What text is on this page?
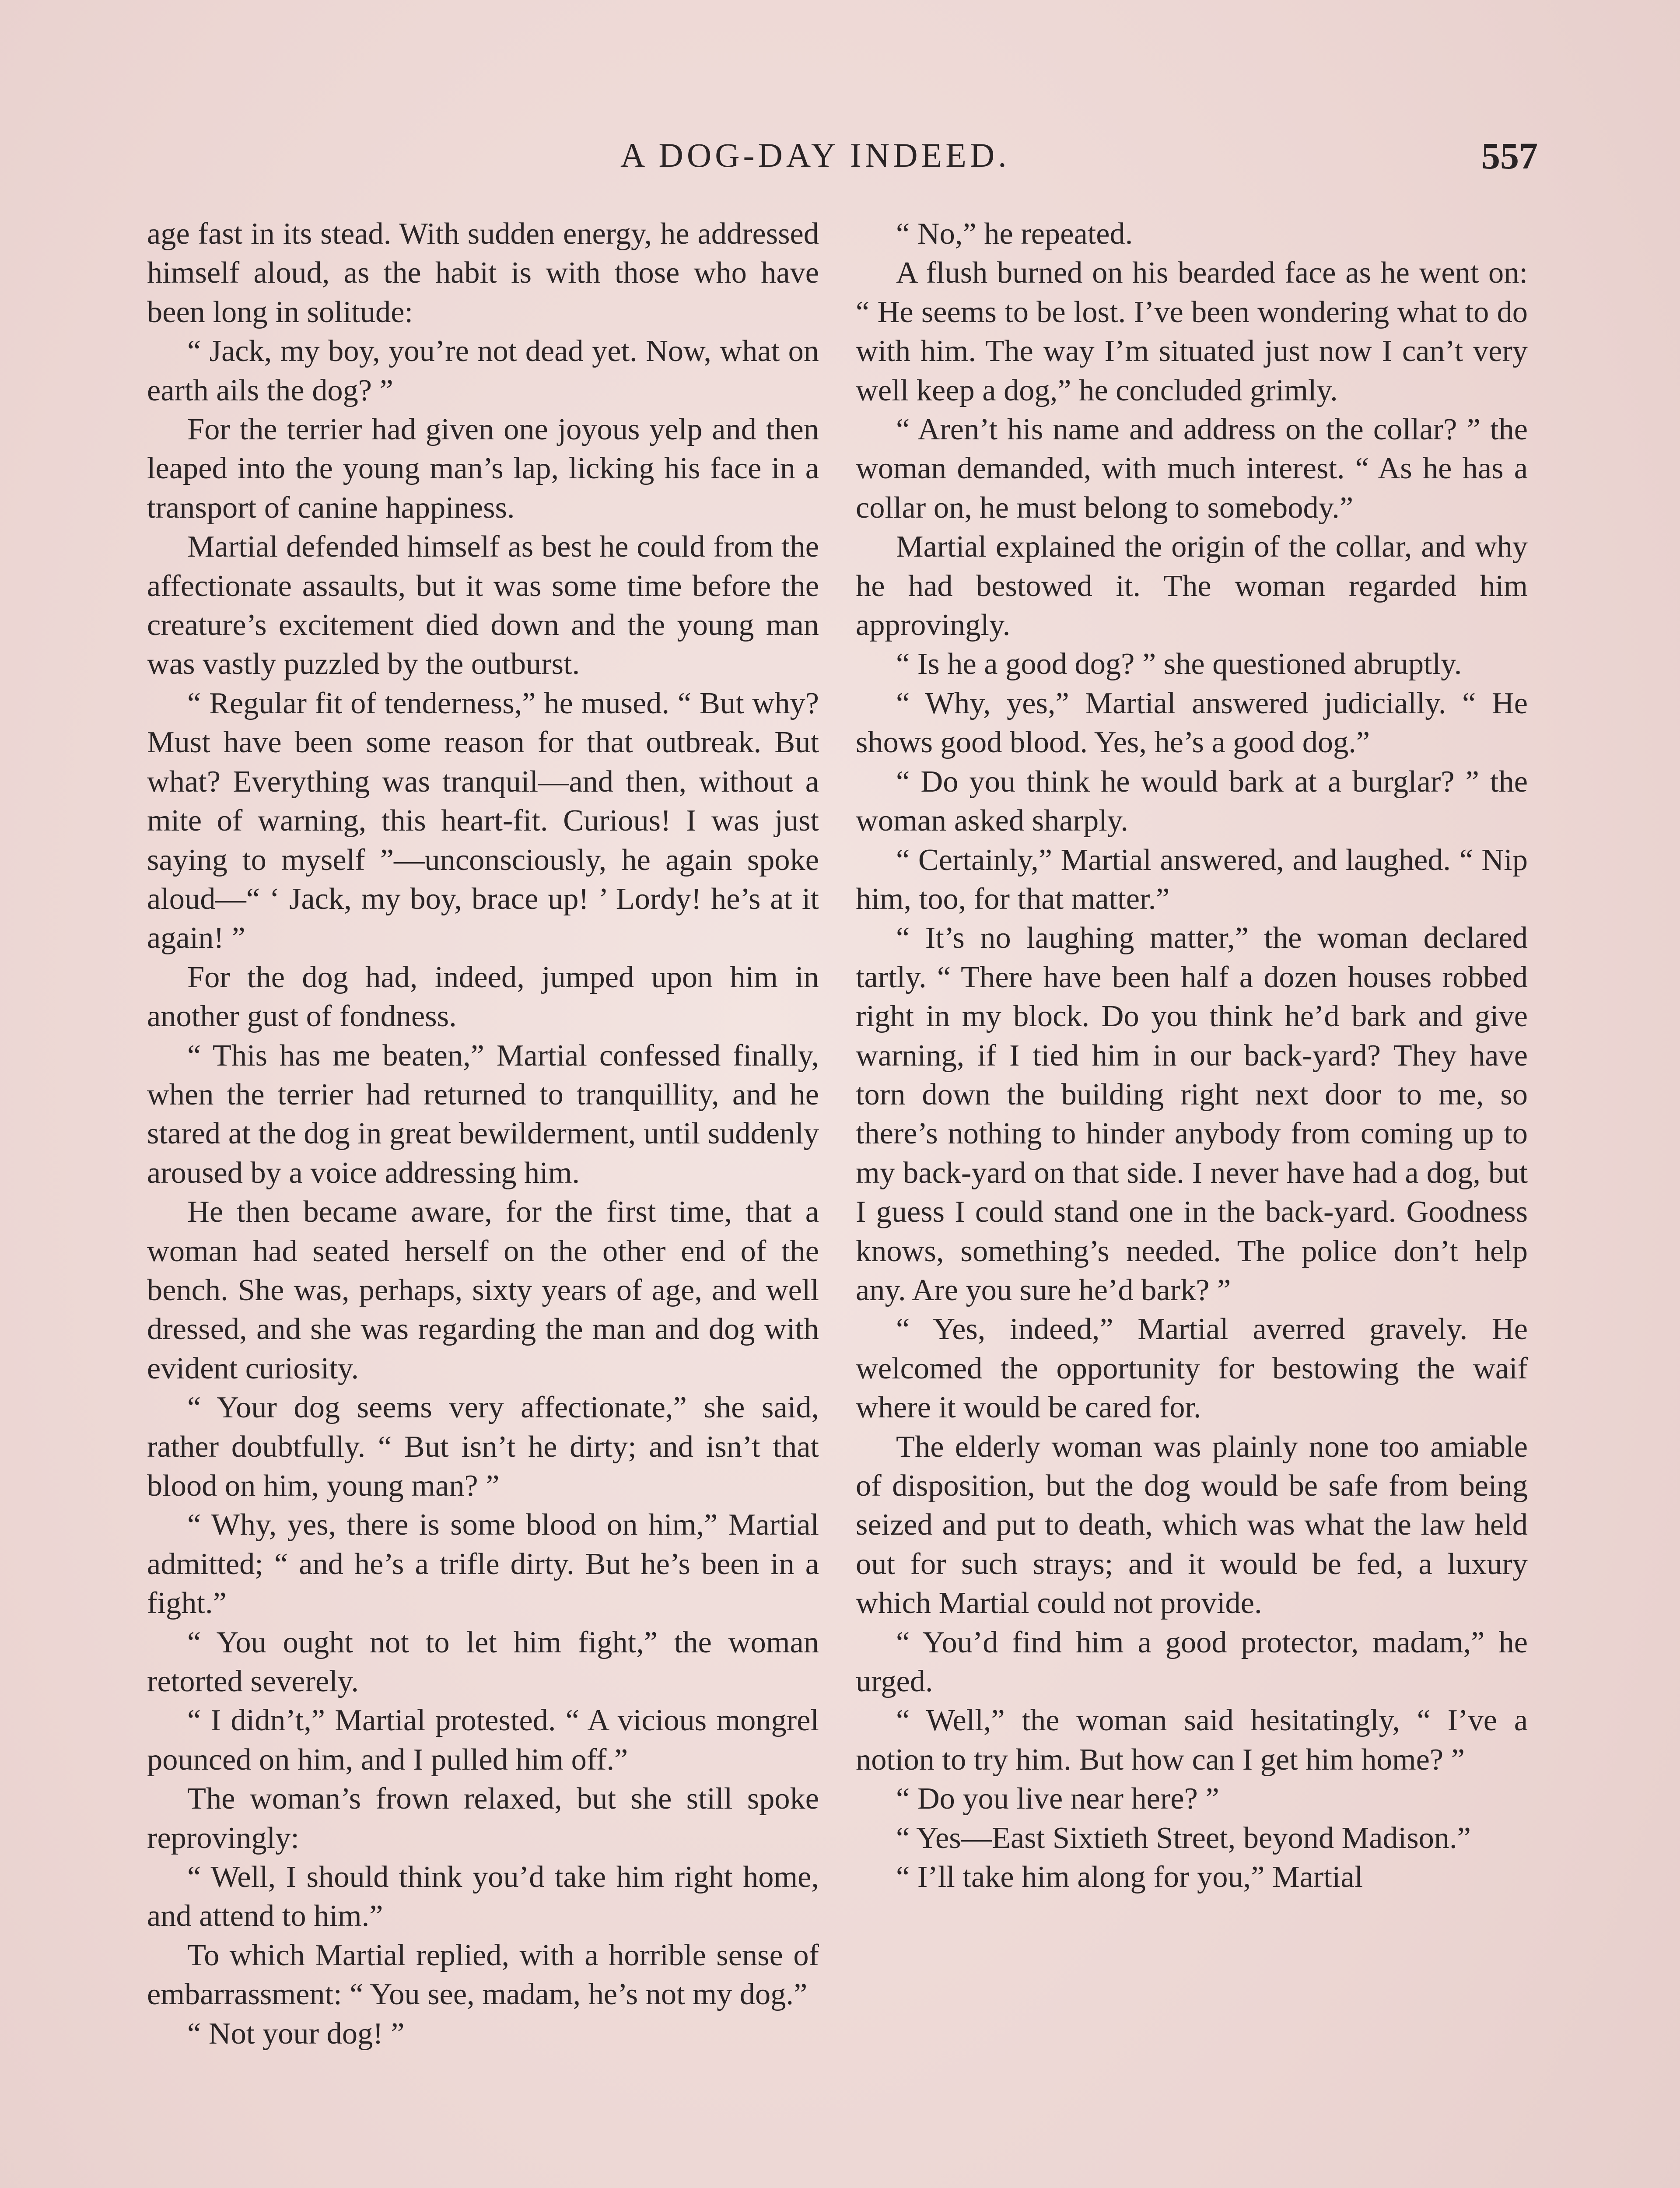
A DOG-DAY INDEED.	557

age fast in its stead. With sudden energy, he addressed himself aloud, as the habit is with those who have been long in solitude:

“ Jack, my boy, you’re not dead yet. Now, what on earth ails the dog? ”

For the terrier had given one joyous yelp and then leaped into the young man’s lap, licking his face in a transport of canine happiness.

Martial defended himself as best he could from the affectionate assaults, but it was some time before the creature’s excitement died down and the young man was vastly puzzled by the outburst.

“ Regular fit of tenderness,” he mused. “ But why? Must have been some reason for that outbreak. But what? Everything was tranquil—and then, without a mite of warning, this heart-fit. Curious! I was just saying to myself ”—unconsciously, he again spoke aloud—“ ‘ Jack, my boy, brace up! ’ Lordy! he’s at it again! ”

For the dog had, indeed, jumped upon him in another gust of fondness.

“ This has me beaten,” Martial confessed finally, when the terrier had returned to tranquillity, and he stared at the dog in great bewilderment, until suddenly aroused by a voice addressing him.

He then became aware, for the first time, that a woman had seated herself on the other end of the bench. She was, perhaps, sixty years of age, and well dressed, and she was regarding the man and dog with evident curiosity.

“ Your dog seems very affectionate,” she said, rather doubtfully. “ But isn’t he dirty; and isn’t that blood on him, young man? ”

“ Why, yes, there is some blood on him,” Martial admitted; “ and he’s a trifle dirty. But he’s been in a fight.”

“ You ought not to let him fight,” the woman retorted severely.

“ I didn’t,” Martial protested. “ A vicious mongrel pounced on him, and I pulled him off.”

The woman’s frown relaxed, but she still spoke reprovingly:

“ Well, I should think you’d take him right home, and attend to him.”

To which Martial replied, with a horrible sense of embarrassment: “ You see, madam, he’s not my dog.”

“ Not your dog! ”

“ No,” he repeated.

A flush burned on his bearded face as he went on: “ He seems to be lost. I’ve been wondering what to do with him. The way I’m situated just now I can’t very well keep a dog,” he concluded grimly.

“ Aren’t his name and address on the collar? ” the woman demanded, with much interest. “ As he has a collar on, he must belong to somebody.”

Martial explained the origin of the collar, and why he had bestowed it. The woman regarded him approvingly.

“ Is he a good dog? ” she questioned abruptly.

“ Why, yes,” Martial answered judicially. “ He shows good blood. Yes, he’s a good dog.”

“ Do you think he would bark at a burglar? ” the woman asked sharply.

“ Certainly,” Martial answered, and laughed. “ Nip him, too, for that matter.”

“ It’s no laughing matter,” the woman declared tartly. “ There have been half a dozen houses robbed right in my block. Do you think he’d bark and give warning, if I tied him in our back-yard? They have torn down the building right next door to me, so there’s nothing to hinder anybody from coming up to my back-yard on that side. I never have had a dog, but I guess I could stand one in the back-yard. Goodness knows, something’s needed. The police don’t help any. Are you sure he’d bark? ”

“ Yes, indeed,” Martial averred gravely. He welcomed the opportunity for bestowing the waif where it would be cared for.

The elderly woman was plainly none too amiable of disposition, but the dog would be safe from being seized and put to death, which was what the law held out for such strays; and it would be fed, a luxury which Martial could not provide.

“ You’d find him a good protector, madam,” he urged.

“ Well,” the woman said hesitatingly, “ I’ve a notion to try him. But how can I get him home? ”

“ Do you live near here? ”

“ Yes—East Sixtieth Street, beyond Madison.”

“ I’ll take him along for you,” Martial
